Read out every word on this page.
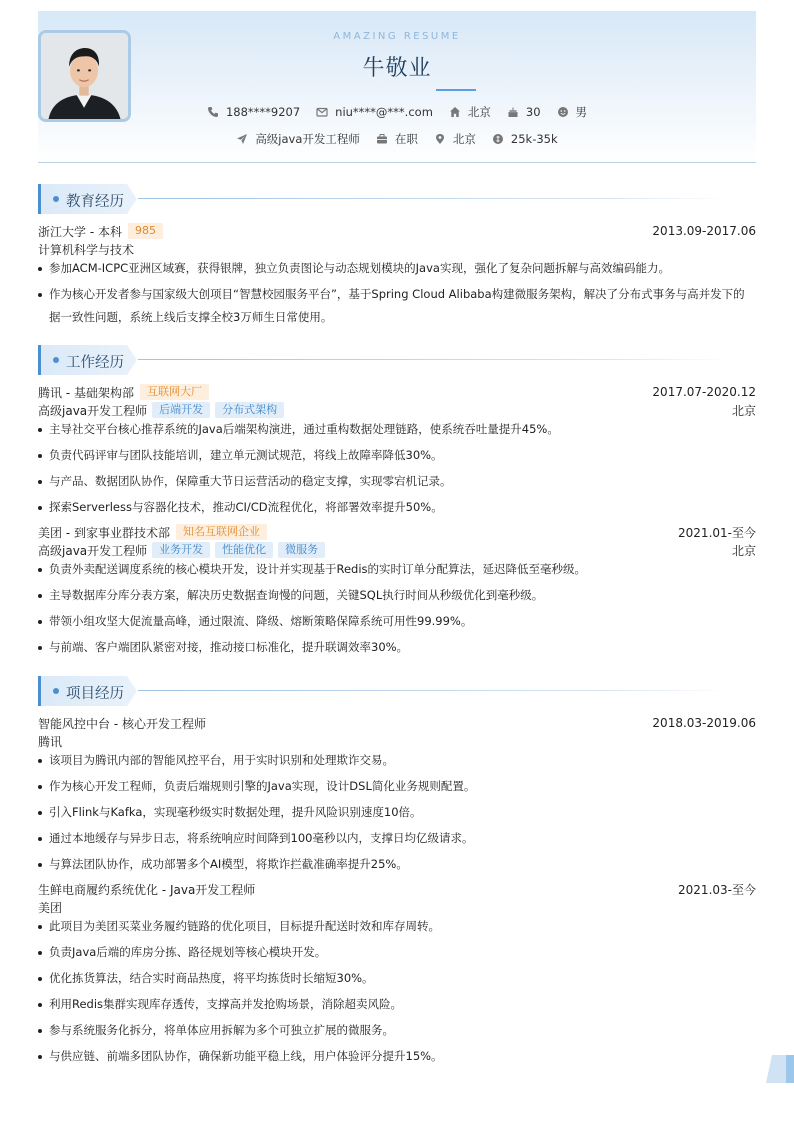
AMAZING RESUME
牛敬业
188****9207	niu****@***.com	北京	30	男
高级java开发工程师	在职	北京	25k-35k
教育经历
浙江大学 - 本科	985	2013.09-2017.06
计算机科学与技术
参加ACM-ICPC亚洲区域赛，获得银牌，独立负责图论与动态规划模块的Java实现，强化了复杂问题拆解与高效编码能力。
作为核心开发者参与国家级大创项目“智慧校园服务平台”，基于Spring Cloud Alibaba构建微服务架构，解决了分布式事务与高并发下的
据一致性问题，系统上线后支撑全校3万师生日常使用。
工作经历
腾讯 - 基础架构部	互联网大厂	2017.07-2020.12
高级java开发工程师	后端开发	分布式架构	北京
主导社交平台核心推荐系统的Java后端架构演进，通过重构数据处理链路，使系统吞吐量提升45%。
负责代码评审与团队技能培训，建立单元测试规范，将线上故障率降低30%。
与产品、数据团队协作，保障重大节日运营活动的稳定支撑，实现零宕机记录。
探索Serverless与容器化技术，推动CI/CD流程优化，将部署效率提升50%。
美团 - 到家事业群技术部	知名互联网企业	2021.01-至今
高级java开发工程师	业务开发	性能优化	微服务	北京
负责外卖配送调度系统的核心模块开发，设计并实现基于Redis的实时订单分配算法，延迟降低至毫秒级。
主导数据库分库分表方案，解决历史数据查询慢的问题，关键SQL执行时间从秒级优化到毫秒级。
带领小组攻坚大促流量高峰，通过限流、降级、熔断策略保障系统可用性99.99%。
与前端、客户端团队紧密对接，推动接口标准化，提升联调效率30%。
项目经历
智能风控中台 - 核心开发工程师	2018.03-2019.06
腾讯
该项目为腾讯内部的智能风控平台，用于实时识别和处理欺诈交易。
作为核心开发工程师，负责后端规则引擎的Java实现，设计DSL简化业务规则配置。
引入Flink与Kafka，实现毫秒级实时数据处理，提升风险识别速度10倍。
通过本地缓存与异步日志，将系统响应时间降到100毫秒以内，支撑日均亿级请求。
与算法团队协作，成功部署多个AI模型，将欺诈拦截准确率提升25%。
生鲜电商履约系统优化 - Java开发工程师	2021.03-至今
美团
此项目为美团买菜业务履约链路的优化项目，目标提升配送时效和库存周转。
负责Java后端的库房分拣、路径规划等核心模块开发。
优化拣货算法，结合实时商品热度，将平均拣货时长缩短30%。
利用Redis集群实现库存透传，支撑高并发抢购场景，消除超卖风险。
参与系统服务化拆分，将单体应用拆解为多个可独立扩展的微服务。
与供应链、前端多团队协作，确保新功能平稳上线，用户体验评分提升15%。
